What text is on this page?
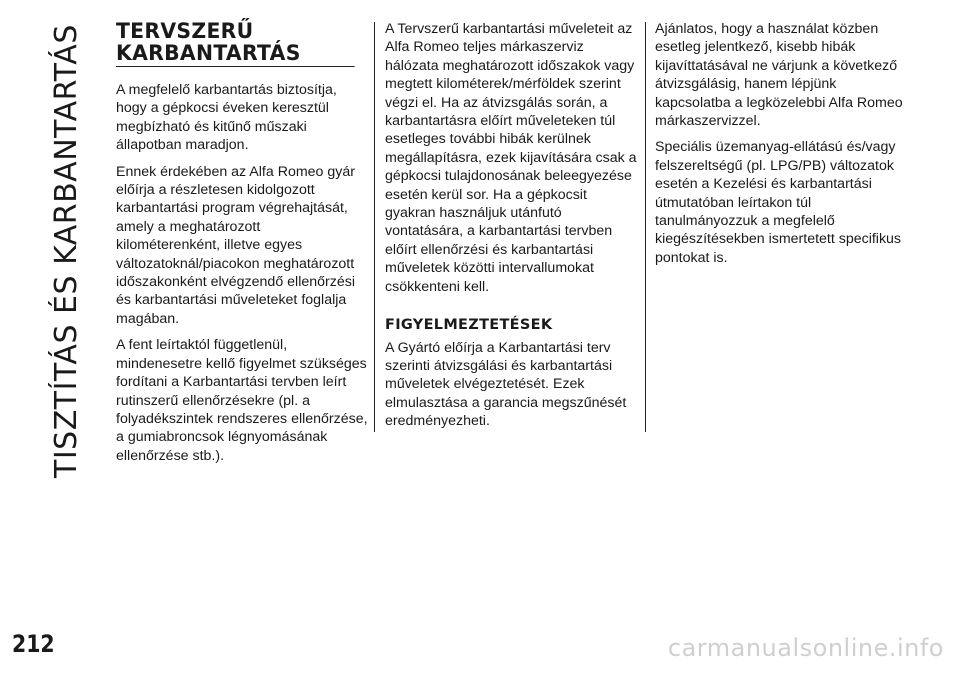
TISZTÍTÁS ÉS KARBANTARTÁS
212
TERVSZERŰ
KARBANTARTÁS

A megfelelő karbantartás biztosítja, hogy a gépkocsi éveken keresztül megbízható és kitűnő műszaki állapotban maradjon.

Ennek érdekében az Alfa Romeo gyár előírja a részletesen kidolgozott karbantartási program végrehajtását, amely a meghatározott kilométerenként, illetve egyes változatoknál/piacokon meghatározott időszakonként elvégzendő ellenőrzési és karbantartási műveleteket foglalja magában.

A fent leírtaktól függetlenül, mindenesetre kellő figyelmet szükséges fordítani a Karbantartási tervben leírt rutinszerű ellenőrzésekre (pl. a folyadékszintek rendszeres ellenőrzése, a gumiabroncsok légnyomásának ellenőrzése stb.).

A Tervszerű karbantartási műveleteit az Alfa Romeo teljes márkaszerviz hálózata meghatározott időszakok vagy megtett kilométerek/mérföldek szerint végzi el. Ha az átvizsgálás során, a karbantartásra előírt műveleteken túl esetleges további hibák kerülnek megállapításra, ezek kijavítására csak a gépkocsi tulajdonosának beleegyezése esetén kerül sor. Ha a gépkocsit gyakran használjuk utánfutó vontatására, a karbantartási tervben előírt ellenőrzési és karbantartási műveletek közötti intervallumokat csökkenteni kell.

FIGYELMEZTETÉSEK

A Gyártó előírja a Karbantartási terv szerinti átvizsgálási és karbantartási műveletek elvégeztetését. Ezek elmulasztása a garancia megszűnését eredményezheti.

Ajánlatos, hogy a használat közben esetleg jelentkező, kisebb hibák kijavíttatásával ne várjunk a következő átvizsgálásig, hanem lépjünk kapcsolatba a legközelebbi Alfa Romeo márkaszervizzel.

Speciális üzemanyag-ellátású és/vagy felszereltségű (pl. LPG/PB) változatok esetén a Kezelési és karbantartási útmutatóban leírtakon túl tanulmányozzuk a megfelelő kiegészítésekben ismertetett specifikus pontokat is.

carmanualsonline.info
